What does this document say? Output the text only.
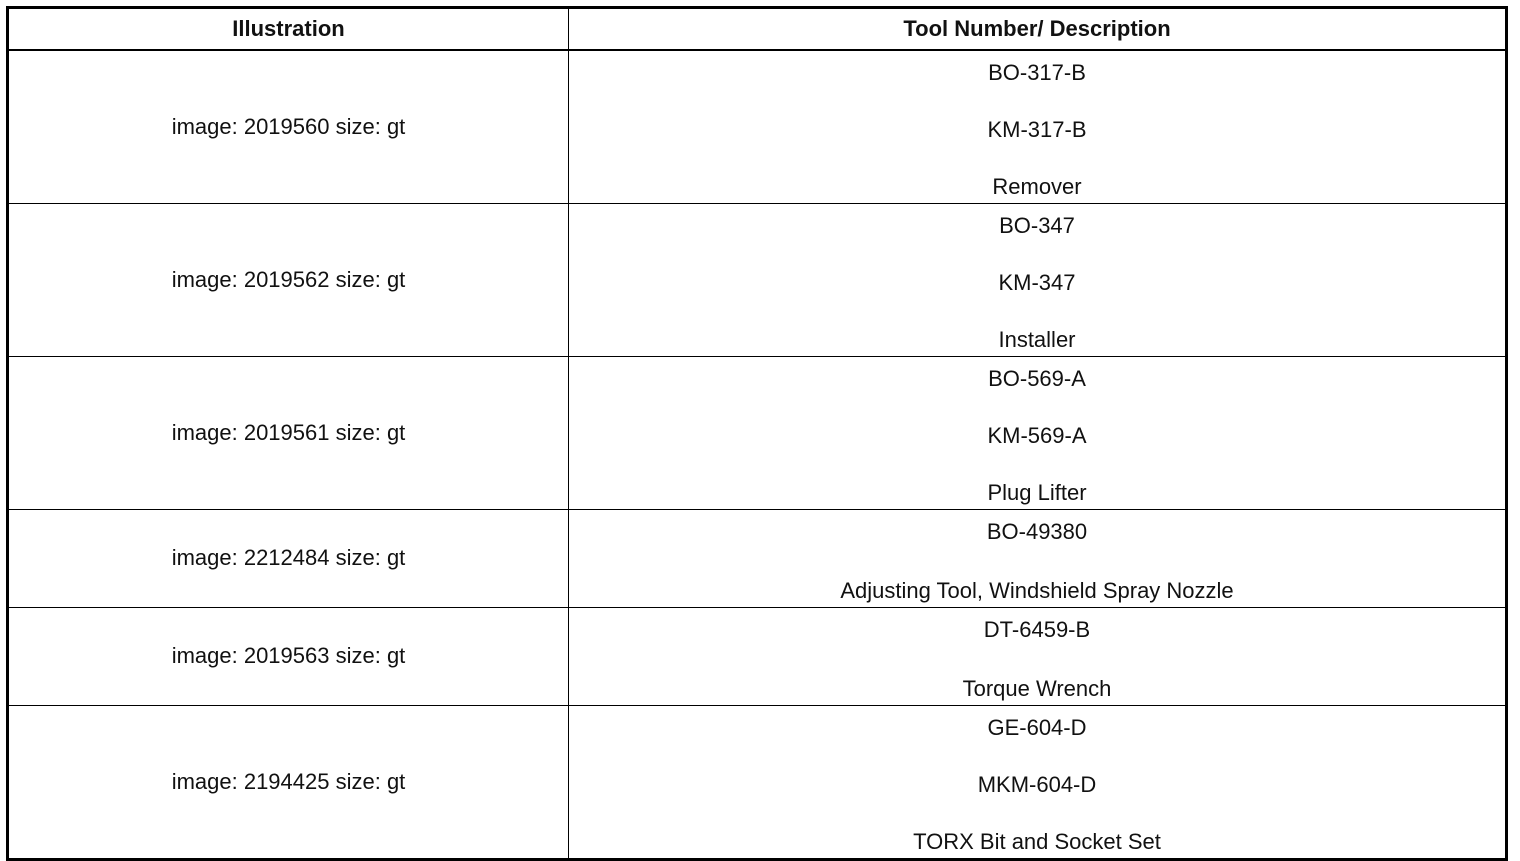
Illustration	Tool Number/ Description
image: 2019560 size: gt	BO-317-B
KM-317-B
Remover

image: 2019562 size: gt	BO-347
KM-347
Installer

image: 2019561 size: gt	BO-569-A
KM-569-A
Plug Lifter

image: 2212484 size: gt	BO-49380
Adjusting Tool, Windshield Spray Nozzle

image: 2019563 size: gt	DT-6459-B
Torque Wrench

image: 2194425 size: gt	GE-604-D
MKM-604-D
TORX Bit and Socket Set
